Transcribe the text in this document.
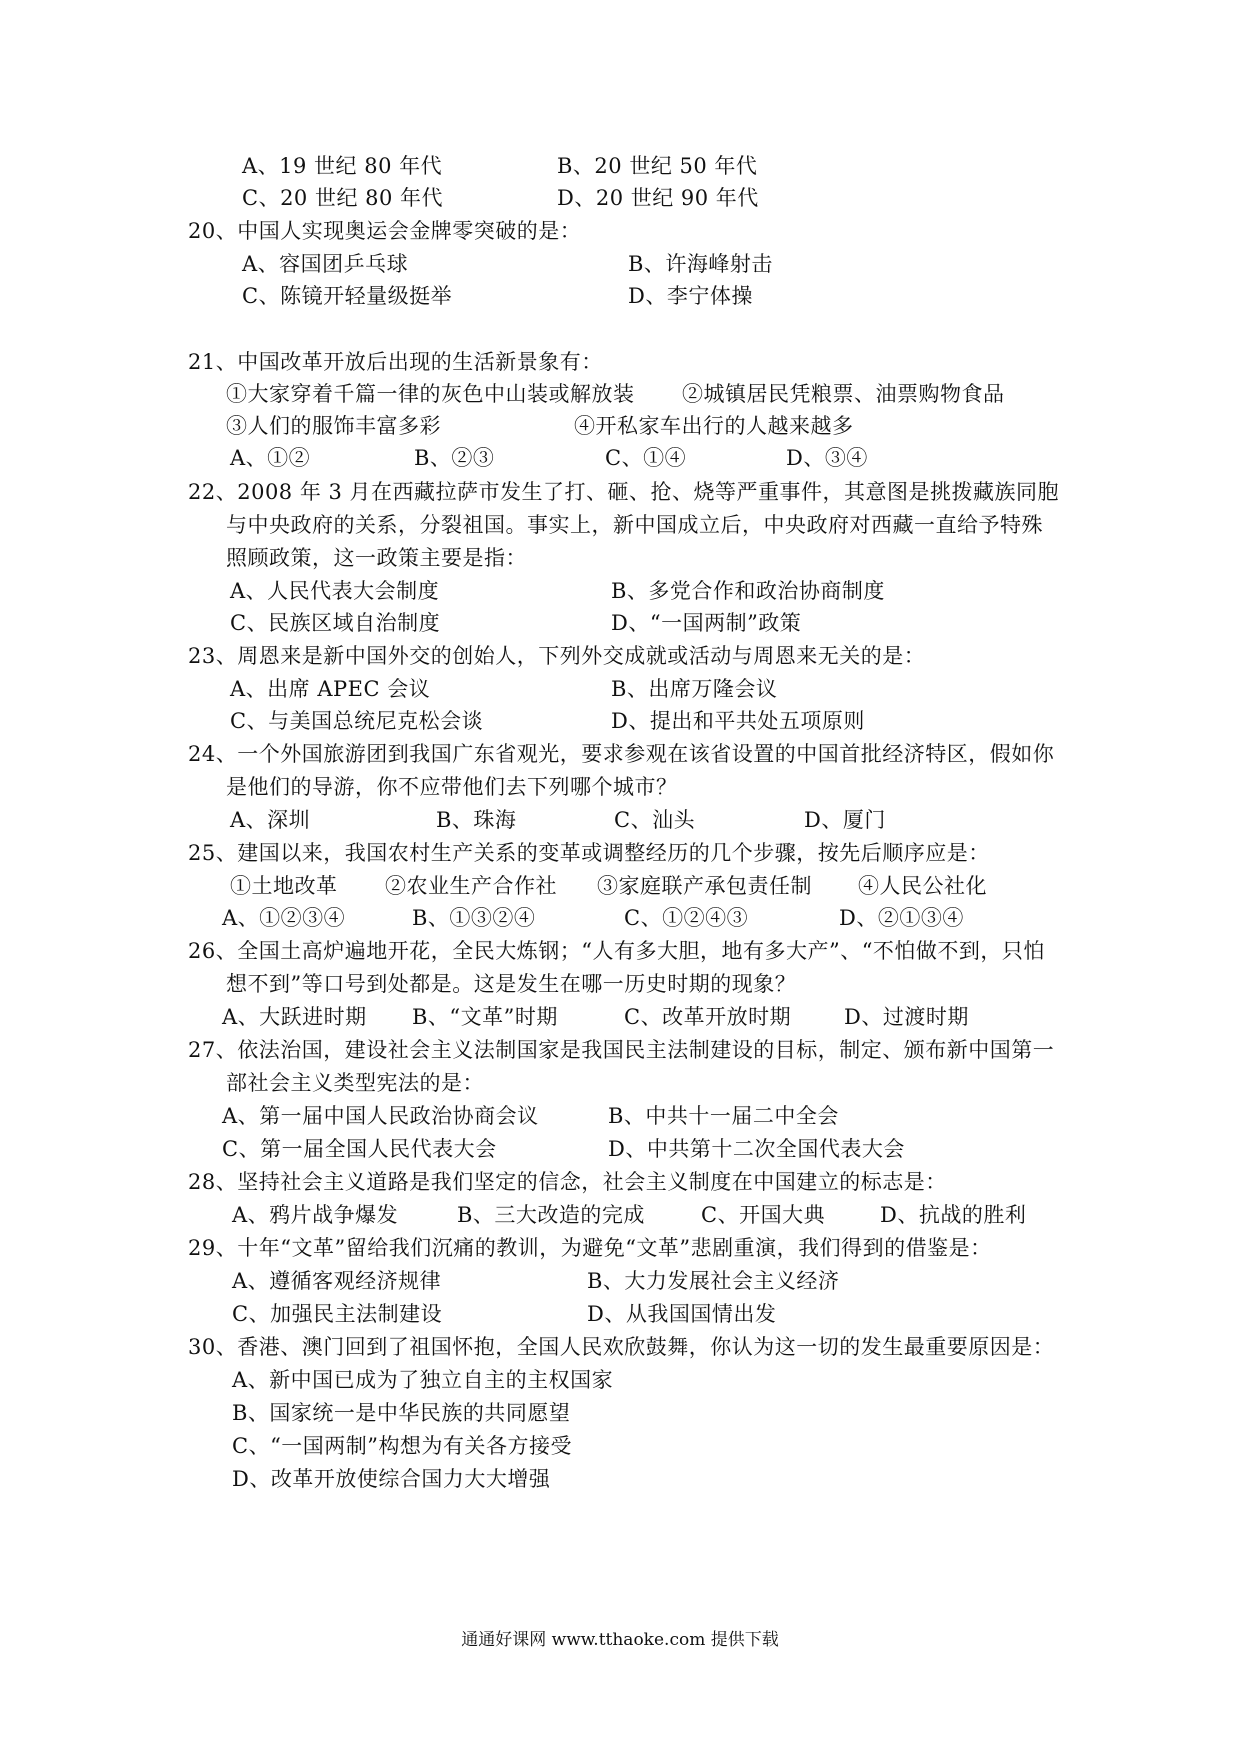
A、19 世纪 80 年代	B、20 世纪 50 年代
C、20 世纪 80 年代	D、20 世纪 90 年代
20、中国人实现奥运会金牌零突破的是：
A、容国团乒乓球	B、许海峰射击
C、陈镜开轻量级挺举	D、李宁体操
21、中国改革开放后出现的生活新景象有：
①大家穿着千篇一律的灰色中山装或解放装 ②城镇居民凭粮票、油票购物食品
③人们的服饰丰富多彩	④开私家车出行的人越来越多
A、①②	B、②③	C、①④	D、③④
22、2008 年 3 月在西藏拉萨市发生了打、砸、抢、烧等严重事件，其意图是挑拨藏族同胞
与中央政府的关系，分裂祖国。事实上，新中国成立后，中央政府对西藏一直给予特殊
照顾政策，这一政策主要是指：
A、人民代表大会制度	B、多党合作和政治协商制度
C、民族区域自治制度	D、“一国两制”政策
23、周恩来是新中国外交的创始人，下列外交成就或活动与周恩来无关的是：
A、出席 APEC 会议	B、出席万隆会议
C、与美国总统尼克松会谈	D、提出和平共处五项原则
24、一个外国旅游团到我国广东省观光，要求参观在该省设置的中国首批经济特区，假如你
是他们的导游，你不应带他们去下列哪个城市？
A、深圳	B、珠海	C、汕头	D、厦门
25、建国以来，我国农村生产关系的变革或调整经历的几个步骤，按先后顺序应是：
①土地改革 ②农业生产合作社 ③家庭联产承包责任制 ④人民公社化
A、①②③④	B、①③②④	C、①②④③	D、②①③④
26、全国土高炉遍地开花，全民大炼钢；“人有多大胆，地有多大产”、“不怕做不到，只怕
想不到”等口号到处都是。这是发生在哪一历史时期的现象？
A、大跃进时期 B、“文革”时期	C、改革开放时期	D、过渡时期
27、依法治国，建设社会主义法制国家是我国民主法制建设的目标，制定、颁布新中国第一
部社会主义类型宪法的是：
A、第一届中国人民政治协商会议	B、中共十一届二中全会
C、第一届全国人民代表大会	D、中共第十二次全国代表大会
28、坚持社会主义道路是我们坚定的信念，社会主义制度在中国建立的标志是：
A、鸦片战争爆发	B、三大改造的完成	C、开国大典	D、抗战的胜利
29、十年“文革”留给我们沉痛的教训，为避免“文革”悲剧重演，我们得到的借鉴是：
A、遵循客观经济规律	B、大力发展社会主义经济
C、加强民主法制建设	D、从我国国情出发
30、香港、澳门回到了祖国怀抱，全国人民欢欣鼓舞，你认为这一切的发生最重要原因是：
A、新中国已成为了独立自主的主权国家
B、国家统一是中华民族的共同愿望
C、“一国两制”构想为有关各方接受
D、改革开放使综合国力大大增强
通通好课网 www.tthaoke.com 提供下载
